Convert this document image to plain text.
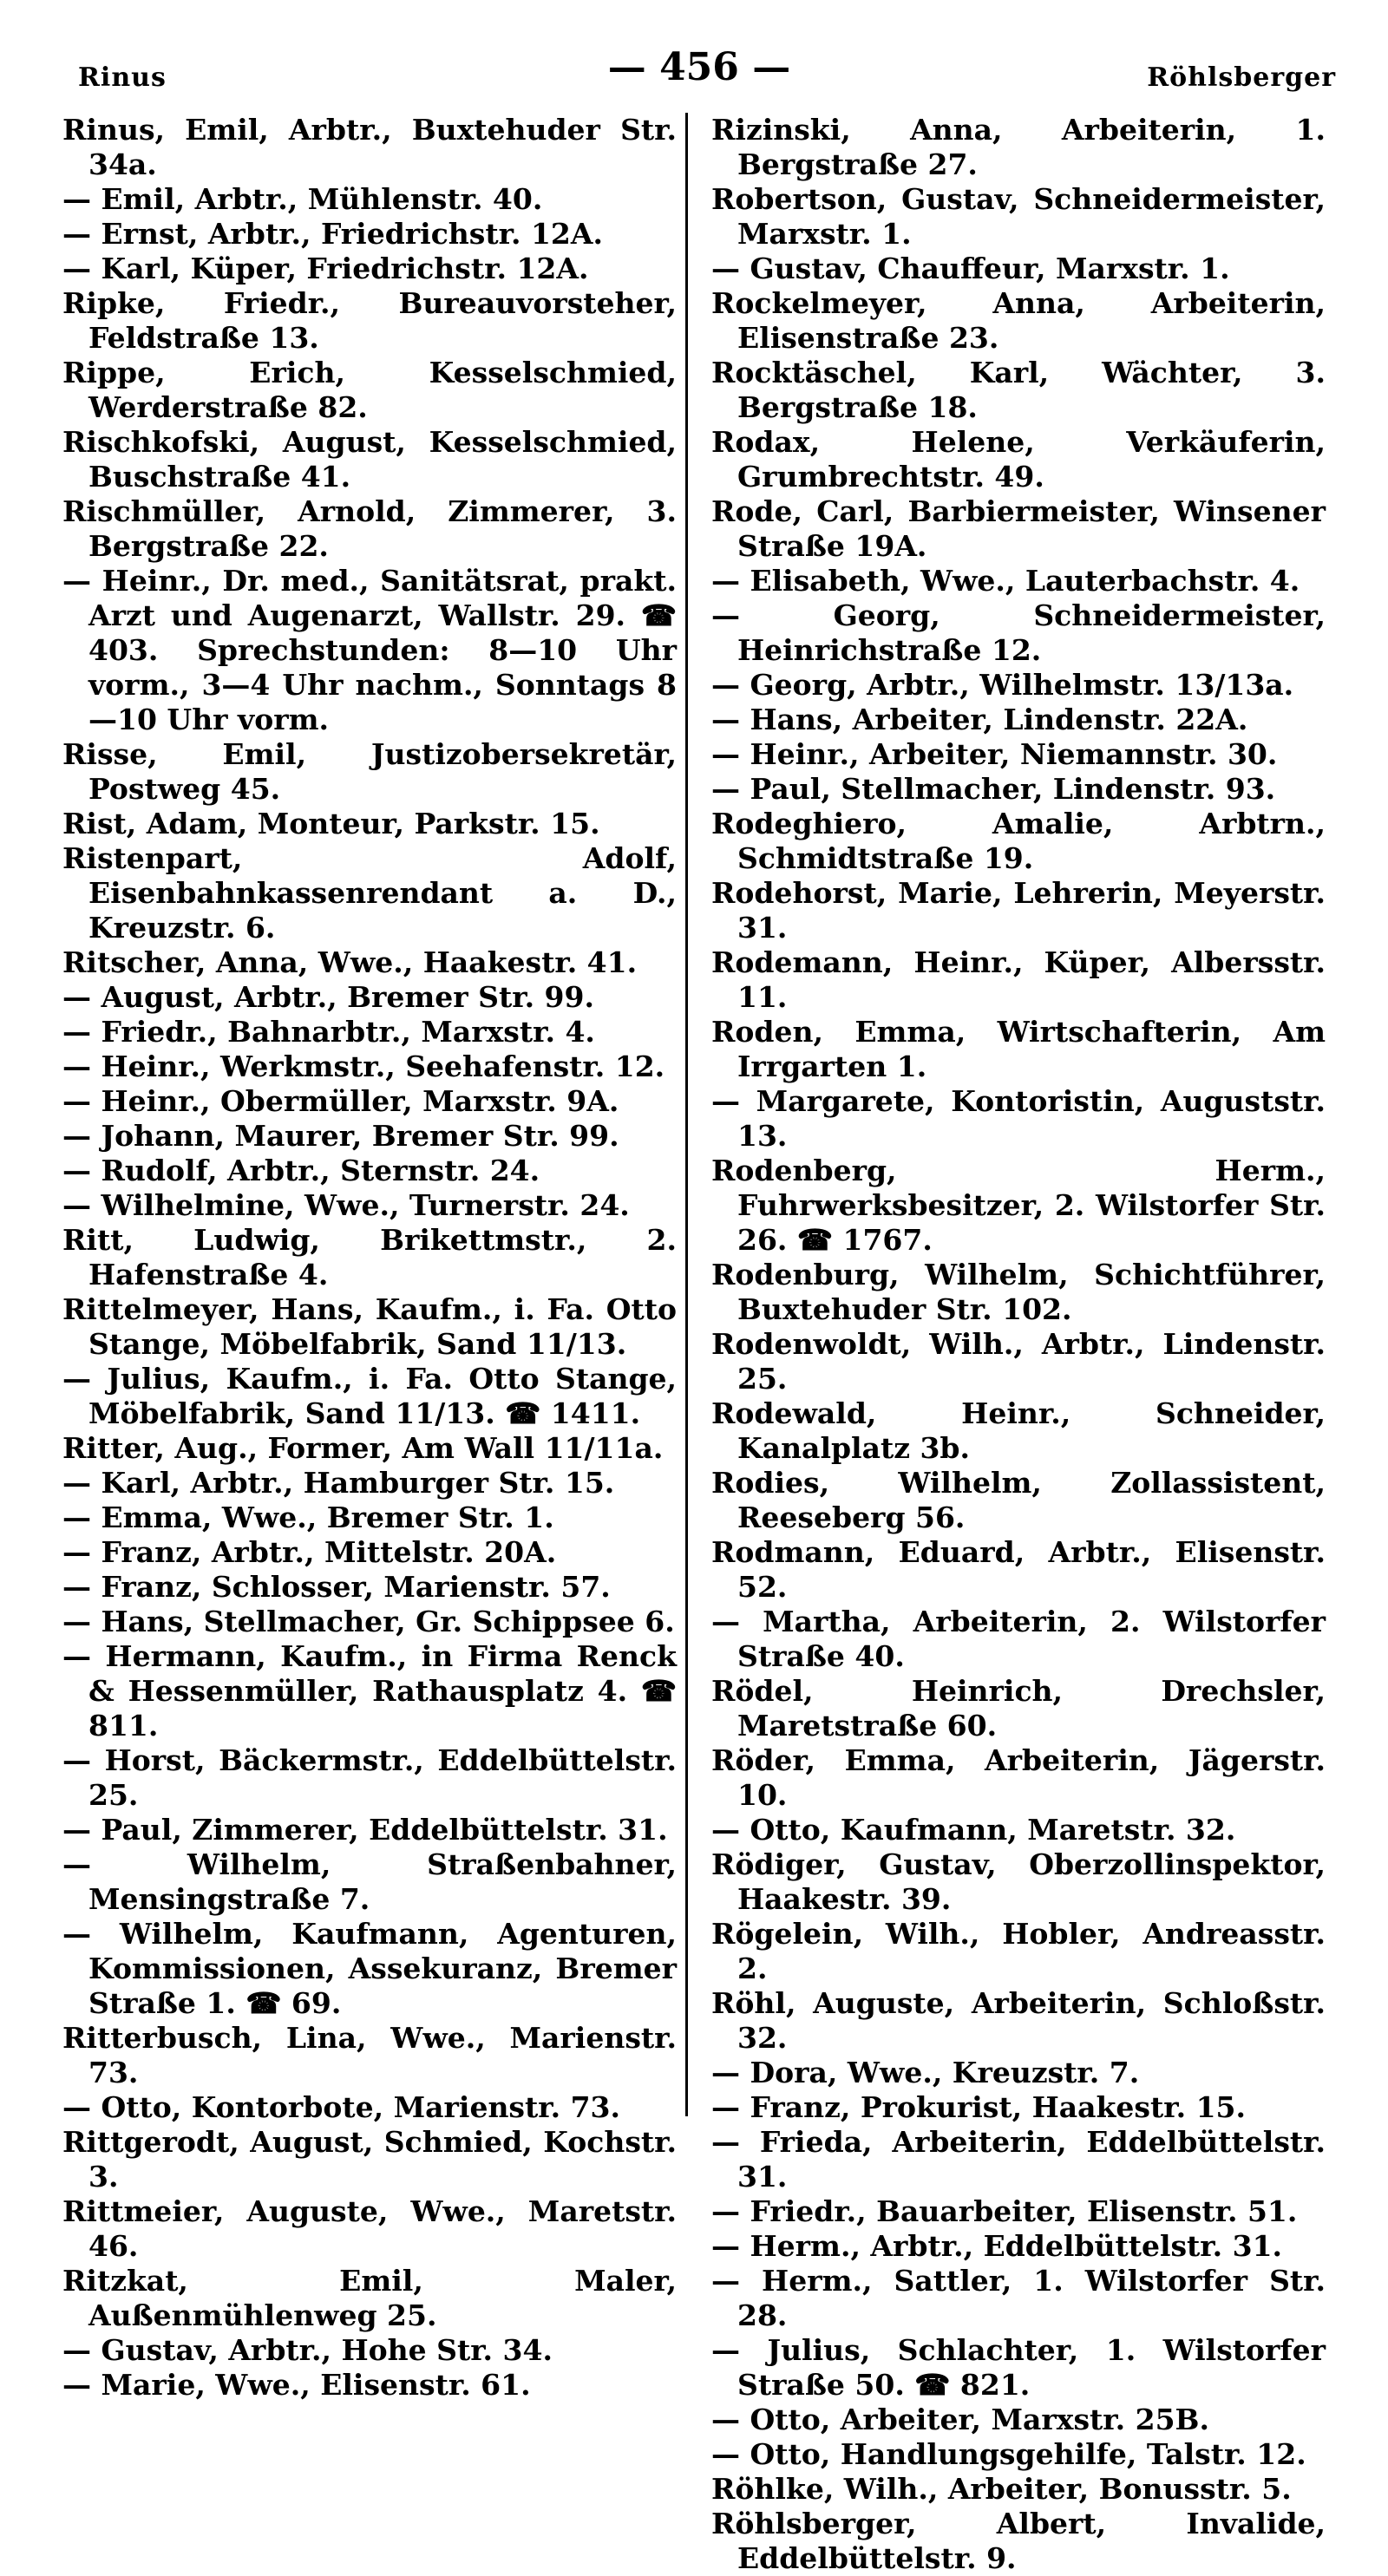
Rinus	— 456 —	Röhlsberger

Rinus, Emil, Arbtr., Buxtehuder Str. 34a.

— Emil, Arbtr., Mühlenstr. 40.

— Ernst, Arbtr., Friedrichstr. 12A.

— Karl, Küper, Friedrichstr. 12A.

Ripke, Friedr., Bureauvorsteher, Feldstraße 13.

Rippe, Erich, Kesselschmied, Werderstraße 82.

Rischkofski, August, Kesselschmied, Buschstraße 41.

Rischmüller, Arnold, Zimmerer, 3. Bergstraße 22.

— Heinr., Dr. med., Sanitätsrat, prakt. Arzt und Augenarzt, Wallstr. 29. ☎ 403. Sprechstunden: 8—10 Uhr vorm., 3—4 Uhr nachm., Sonntags 8—10 Uhr vorm.

Risse, Emil, Justizobersekretär, Postweg 45.

Rist, Adam, Monteur, Parkstr. 15.

Ristenpart, Adolf, Eisenbahnkassenrendant a. D., Kreuzstr. 6.

Ritscher, Anna, Wwe., Haakestr. 41.

— August, Arbtr., Bremer Str. 99.

— Friedr., Bahnarbtr., Marxstr. 4.

— Heinr., Werkmstr., Seehafenstr. 12.

— Heinr., Obermüller, Marxstr. 9A.

— Johann, Maurer, Bremer Str. 99.

— Rudolf, Arbtr., Sternstr. 24.

— Wilhelmine, Wwe., Turnerstr. 24.

Ritt, Ludwig, Brikettmstr., 2. Hafenstraße 4.

Rittelmeyer, Hans, Kaufm., i. Fa. Otto Stange, Möbelfabrik, Sand 11/13.

— Julius, Kaufm., i. Fa. Otto Stange, Möbelfabrik, Sand 11/13. ☎ 1411.

Ritter, Aug., Former, Am Wall 11/11a.

— Karl, Arbtr., Hamburger Str. 15.

— Emma, Wwe., Bremer Str. 1.

— Franz, Arbtr., Mittelstr. 20A.

— Franz, Schlosser, Marienstr. 57.

— Hans, Stellmacher, Gr. Schippsee 6.

— Hermann, Kaufm., in Firma Renck & Hessenmüller, Rathausplatz 4. ☎ 811.

— Horst, Bäckermstr., Eddelbüttelstr. 25.

— Paul, Zimmerer, Eddelbüttelstr. 31.

— Wilhelm, Straßenbahner, Mensingstraße 7.

— Wilhelm, Kaufmann, Agenturen, Kommissionen, Assekuranz, Bremer Straße 1. ☎ 69.

Ritterbusch, Lina, Wwe., Marienstr. 73.

— Otto, Kontorbote, Marienstr. 73.

Rittgerodt, August, Schmied, Kochstr. 3.

Rittmeier, Auguste, Wwe., Maretstr. 46.

Ritzkat, Emil, Maler, Außenmühlenweg 25.

— Gustav, Arbtr., Hohe Str. 34.

— Marie, Wwe., Elisenstr. 61.

Rizinski, Anna, Arbeiterin, 1. Bergstraße 27.

Robertson, Gustav, Schneidermeister, Marxstr. 1.

— Gustav, Chauffeur, Marxstr. 1.

Rockelmeyer, Anna, Arbeiterin, Elisenstraße 23.

Rocktäschel, Karl, Wächter, 3. Bergstraße 18.

Rodax, Helene, Verkäuferin, Grumbrechtstr. 49.

Rode, Carl, Barbiermeister, Winsener Straße 19A.

— Elisabeth, Wwe., Lauterbachstr. 4.

— Georg, Schneidermeister, Heinrichstraße 12.

— Georg, Arbtr., Wilhelmstr. 13/13a.

— Hans, Arbeiter, Lindenstr. 22A.

— Heinr., Arbeiter, Niemannstr. 30.

— Paul, Stellmacher, Lindenstr. 93.

Rodeghiero, Amalie, Arbtrn., Schmidtstraße 19.

Rodehorst, Marie, Lehrerin, Meyerstr. 31.

Rodemann, Heinr., Küper, Albersstr. 11.

Roden, Emma, Wirtschafterin, Am Irrgarten 1.

— Margarete, Kontoristin, Auguststr. 13.

Rodenberg, Herm., Fuhrwerksbesitzer, 2. Wilstorfer Str. 26. ☎ 1767.

Rodenburg, Wilhelm, Schichtführer, Buxtehuder Str. 102.

Rodenwoldt, Wilh., Arbtr., Lindenstr. 25.

Rodewald, Heinr., Schneider, Kanalplatz 3b.

Rodies, Wilhelm, Zollassistent, Reeseberg 56.

Rodmann, Eduard, Arbtr., Elisenstr. 52.

— Martha, Arbeiterin, 2. Wilstorfer Straße 40.

Rödel, Heinrich, Drechsler, Maretstraße 60.

Röder, Emma, Arbeiterin, Jägerstr. 10.

— Otto, Kaufmann, Maretstr. 32.

Rödiger, Gustav, Oberzollinspektor, Haakestr. 39.

Rögelein, Wilh., Hobler, Andreasstr. 2.

Röhl, Auguste, Arbeiterin, Schloßstr. 32.

— Dora, Wwe., Kreuzstr. 7.

— Franz, Prokurist, Haakestr. 15.

— Frieda, Arbeiterin, Eddelbüttelstr. 31.

— Friedr., Bauarbeiter, Elisenstr. 51.

— Herm., Arbtr., Eddelbüttelstr. 31.

— Herm., Sattler, 1. Wilstorfer Str. 28.

— Julius, Schlachter, 1. Wilstorfer Straße 50. ☎ 821.

— Otto, Arbeiter, Marxstr. 25B.

— Otto, Handlungsgehilfe, Talstr. 12.

Röhlke, Wilh., Arbeiter, Bonusstr. 5.

Röhlsberger, Albert, Invalide, Eddelbüttelstr. 9.
